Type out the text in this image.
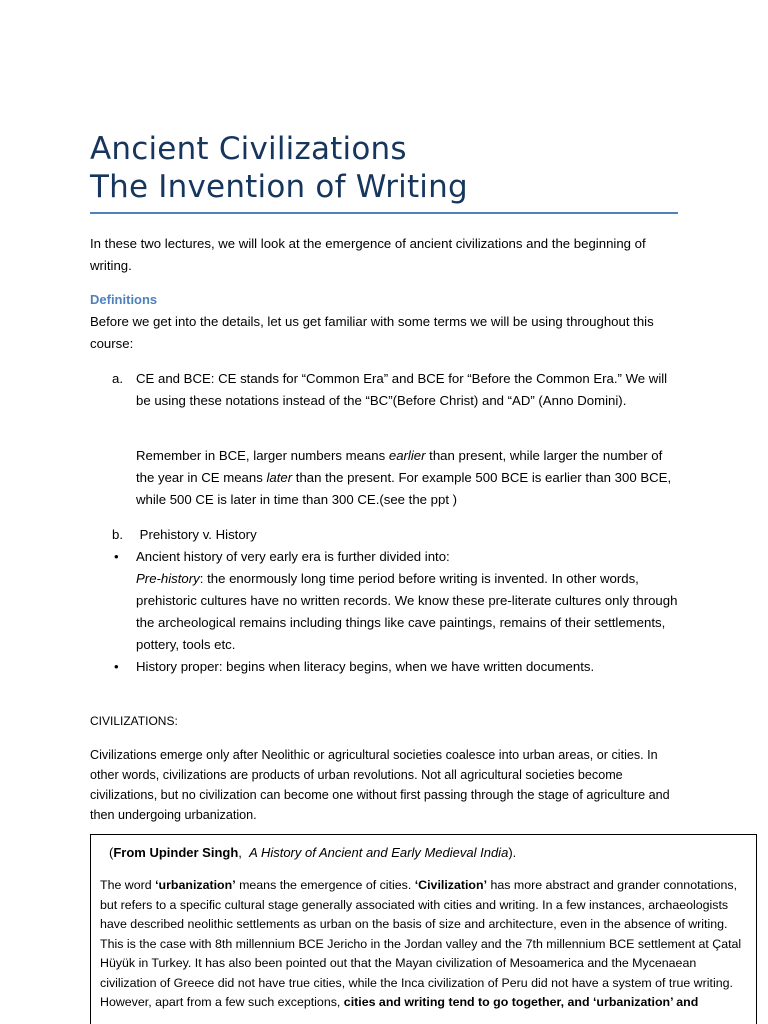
Ancient Civilizations
The Invention of Writing
In these two lectures, we will look at the emergence of ancient civilizations and the beginning of writing.
Definitions
Before we get into the details, let us get familiar with some terms we will be using throughout this course:
a. CE and BCE: CE stands for “Common Era” and BCE for “Before the Common Era.” We will be using these notations instead of the “BC”(Before Christ) and “AD” (Anno Domini).
Remember in BCE, larger numbers means earlier than present, while larger the number of the year in CE means later than the present. For example 500 BCE is earlier than 300 BCE, while 500 CE is later in time than 300 CE.(see the ppt )
b. Prehistory v. History
• Ancient history of very early era is further divided into:
Pre-history: the enormously long time period before writing is invented. In other words, prehistoric cultures have no written records. We know these pre-literate cultures only through the archeological remains including things like cave paintings, remains of their settlements, pottery, tools etc.
• History proper: begins when literacy begins, when we have written documents.
CIVILIZATIONS:
Civilizations emerge only after Neolithic or agricultural societies coalesce into urban areas, or cities. In other words, civilizations are products of urban revolutions. Not all agricultural societies become civilizations, but no civilization can become one without first passing through the stage of agriculture and then undergoing urbanization.
(From Upinder Singh,  A History of Ancient and Early Medieval India).
The word ‘urbanization’ means the emergence of cities. ‘Civilization’ has more abstract and grander connotations, but refers to a specific cultural stage generally associated with cities and writing. In a few instances, archaeologists have described neolithic settlements as urban on the basis of size and architecture, even in the absence of writing. This is the case with 8th millennium BCE Jericho in the Jordan valley and the 7th millennium BCE settlement at Çatal Hüyük in Turkey. It has also been pointed out that the Mayan civilization of Mesoamerica and the Mycenaean civilization of Greece did not have true cities, while the Inca civilization of Peru did not have a system of true writing. However, apart from a few such exceptions, cities and writing tend to go together, and ‘urbanization’ and
